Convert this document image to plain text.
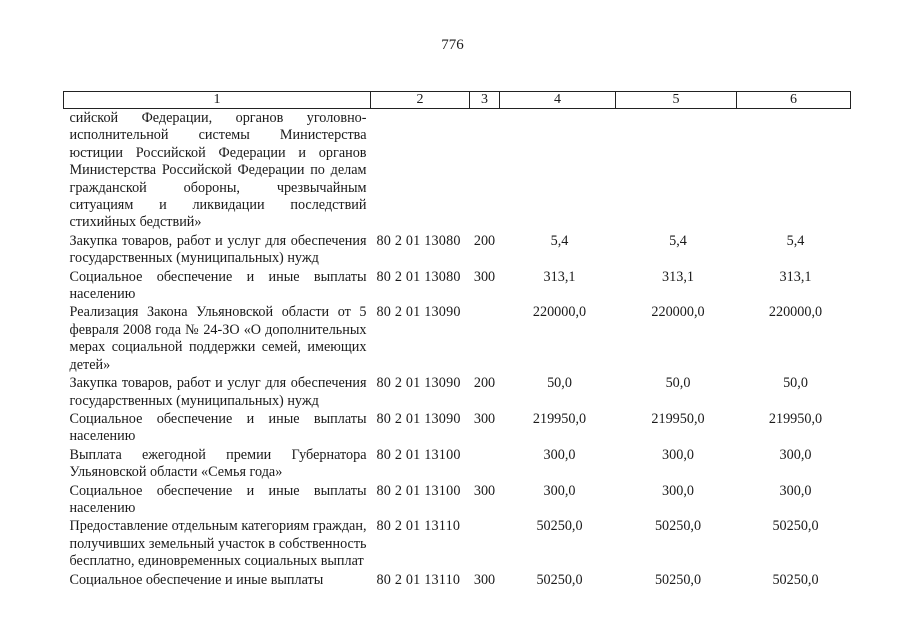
776
1	2	3	4	5	6
сийской Федерации, органов уголовно-исполнительной системы Министерства юстиции Российской Федерации и органов Министерства Российской Федерации по делам гражданской обороны, чрезвычайным ситуациям и ликвидации последствий стихийных бедствий»					
Закупка товаров, работ и услуг для обеспечения государственных (муниципальных) нужд	80 2 01 13080	200	5,4	5,4	5,4
Социальное обеспечение и иные выплаты населению	80 2 01 13080	300	313,1	313,1	313,1
Реализация Закона Ульяновской области от 5 февраля 2008 года № 24-ЗО «О дополнительных мерах социальной поддержки семей, имеющих детей»	80 2 01 13090		220000,0	220000,0	220000,0
Закупка товаров, работ и услуг для обеспечения государственных (муниципальных) нужд	80 2 01 13090	200	50,0	50,0	50,0
Социальное обеспечение и иные выплаты населению	80 2 01 13090	300	219950,0	219950,0	219950,0
Выплата ежегодной премии Губернатора Ульяновской области «Семья года»	80 2 01 13100		300,0	300,0	300,0
Социальное обеспечение и иные выплаты населению	80 2 01 13100	300	300,0	300,0	300,0
Предоставление отдельным категориям граждан, получивших земельный участок в собственность бесплатно, единовременных социальных выплат	80 2 01 13110		50250,0	50250,0	50250,0
Социальное обеспечение и иные выплаты	80 2 01 13110	300	50250,0	50250,0	50250,0
